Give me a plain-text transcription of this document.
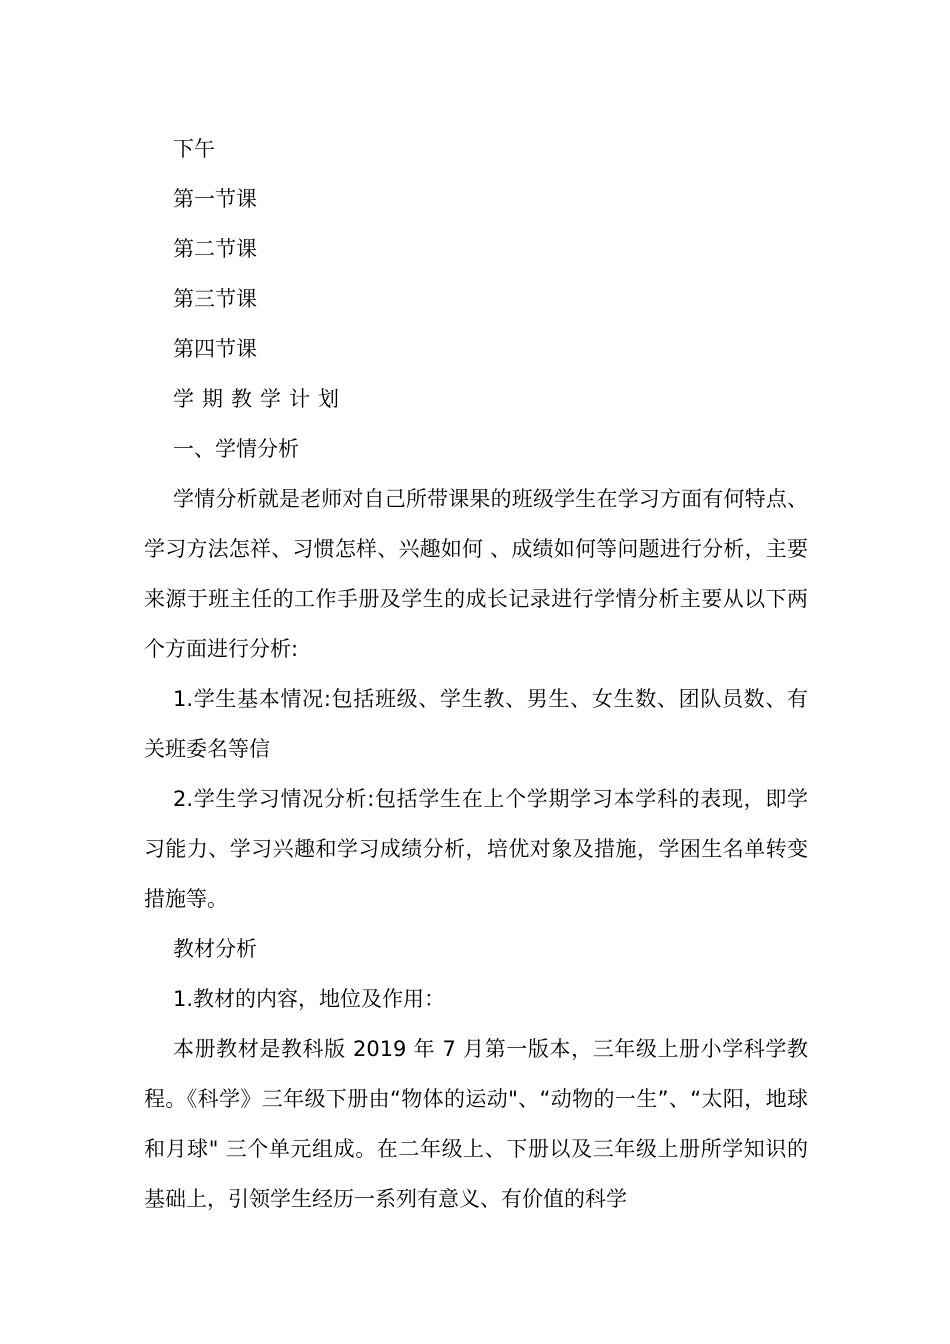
下午
第一节课
第二节课
第三节课
第四节课
学期教学计划
一、学情分析

学情分析就是老师对自己所带课果的班级学生在学习方面有何特点、学习方法怎祥、习惯怎样、兴趣如何 、成绩如何等问题进行分析，主要来源于班主任的工作手册及学生的成长记录进行学情分析主要从以下两个方面进行分析:

1.学生基本情况:包括班级、学生教、男生、女生数、团队员数、有关班委名等信

2.学生学习情况分析:包括学生在上个学期学习本学科的表现，即学习能力、学习兴趣和学习成绩分析，培优对象及措施，学困生名单转变措施等。

教材分析
1.教材的内容，地位及作用：

本册教材是教科版 2019 年 7 月第一版本，三年级上册小学科学教程。《科学》三年级下册由“物体的运动"、“动物的一生”、“太阳，地球和月球" 三个单元组成。在二年级上、下册以及三年级上册所学知识的基础上，引领学生经历一系列有意义、有价值的科学
